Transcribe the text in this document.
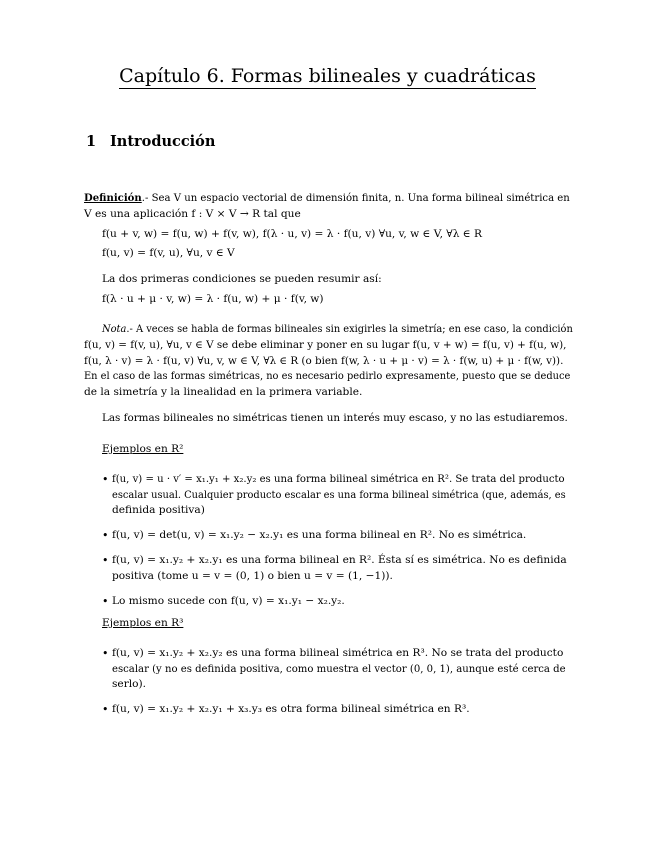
Capítulo 6. Formas bilineales y cuadráticas
1 Introducción
Definición.- Sea V un espacio vectorial de dimensión finita, n. Una forma bilineal simétrica en
V es una aplicación f : V × V → R tal que
f(u + v, w) = f(u, w) + f(v, w), f(λ · u, v) = λ · f(u, v) ∀u, v, w ∈ V, ∀λ ∈ R
f(u, v) = f(v, u), ∀u, v ∈ V
La dos primeras condiciones se pueden resumir así:
f(λ · u + μ · v, w) = λ · f(u, w) + μ · f(v, w)
Nota.- A veces se habla de formas bilineales sin exigirles la simetría; en ese caso, la condición
f(u, v) = f(v, u), ∀u, v ∈ V se debe eliminar y poner en su lugar f(u, v + w) = f(u, v) + f(u, w),
f(u, λ · v) = λ · f(u, v) ∀u, v, w ∈ V, ∀λ ∈ R (o bien f(w, λ · u + μ · v) = λ · f(w, u) + μ · f(w, v)).
En el caso de las formas simétricas, no es necesario pedirlo expresamente, puesto que se deduce
de la simetría y la linealidad en la primera variable.
Las formas bilineales no simétricas tienen un interés muy escaso, y no las estudiaremos.
Ejemplos en R²
• f(u, v) = u · v′ = x₁.y₁ + x₂.y₂ es una forma bilineal simétrica en R². Se trata del producto
escalar usual. Cualquier producto escalar es una forma bilineal simétrica (que, además, es
definida positiva)
• f(u, v) = det(u, v) = x₁.y₂ − x₂.y₁ es una forma bilineal en R². No es simétrica.
• f(u, v) = x₁.y₂ + x₂.y₁ es una forma bilineal en R². Ésta sí es simétrica. No es definida
positiva (tome u = v = (0, 1) o bien u = v = (1, −1)).
• Lo mismo sucede con f(u, v) = x₁.y₁ − x₂.y₂.
Ejemplos en R³
• f(u, v) = x₁.y₂ + x₂.y₂ es una forma bilineal simétrica en R³. No se trata del producto
escalar (y no es definida positiva, como muestra el vector (0, 0, 1), aunque esté cerca de
serlo).
• f(u, v) = x₁.y₂ + x₂.y₁ + x₃.y₃ es otra forma bilineal simétrica en R³.
